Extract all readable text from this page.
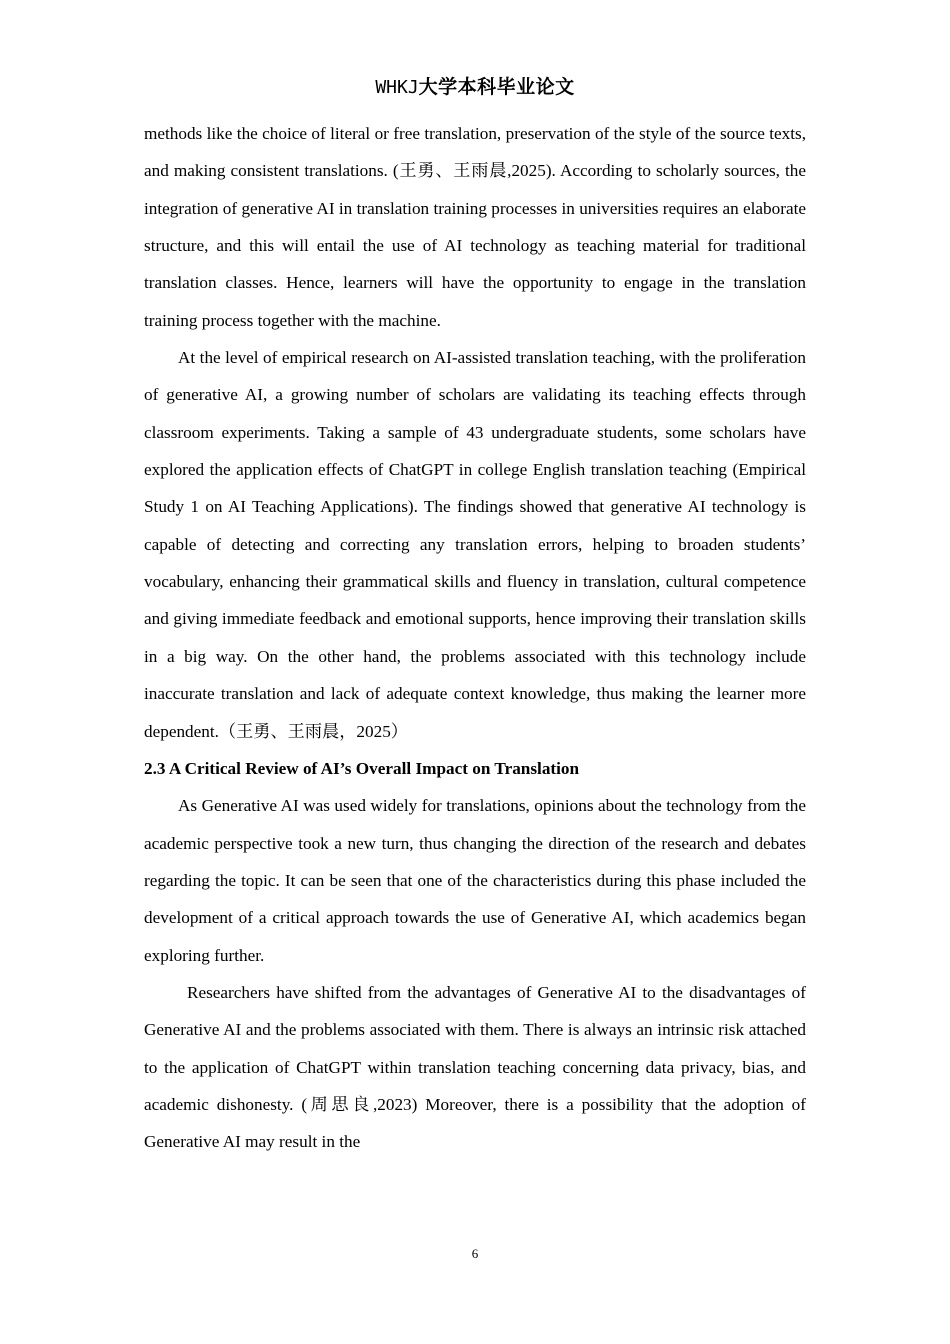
WHKJ大学本科毕业论文

methods like the choice of literal or free translation, preservation of the style of the source texts, and making consistent translations. (王勇、王雨晨,2025). According to scholarly sources, the integration of generative AI in translation training processes in universities requires an elaborate structure, and this will entail the use of AI technology as teaching material for traditional translation classes. Hence, learners will have the opportunity to engage in the translation training process together with the machine.

At the level of empirical research on AI-assisted translation teaching, with the proliferation of generative AI, a growing number of scholars are validating its teaching effects through classroom experiments. Taking a sample of 43 undergraduate students, some scholars have explored the application effects of ChatGPT in college English translation teaching (Empirical Study 1 on AI Teaching Applications). The findings showed that generative AI technology is capable of detecting and correcting any translation errors, helping to broaden students’ vocabulary, enhancing their grammatical skills and fluency in translation, cultural competence and giving immediate feedback and emotional supports, hence improving their translation skills in a big way. On the other hand, the problems associated with this technology include inaccurate translation and lack of adequate context knowledge, thus making the learner more dependent.（王勇、王雨晨，2025）

2.3 A Critical Review of AI’s Overall Impact on Translation

As Generative AI was used widely for translations, opinions about the technology from the academic perspective took a new turn, thus changing the direction of the research and debates regarding the topic. It can be seen that one of the characteristics during this phase included the development of a critical approach towards the use of Generative AI, which academics began exploring further.

Researchers have shifted from the advantages of Generative AI to the disadvantages of Generative AI and the problems associated with them. There is always an intrinsic risk attached to the application of ChatGPT within translation teaching concerning data privacy, bias, and academic dishonesty. (周思良,2023) Moreover, there is a possibility that the adoption of Generative AI may result in the

6
